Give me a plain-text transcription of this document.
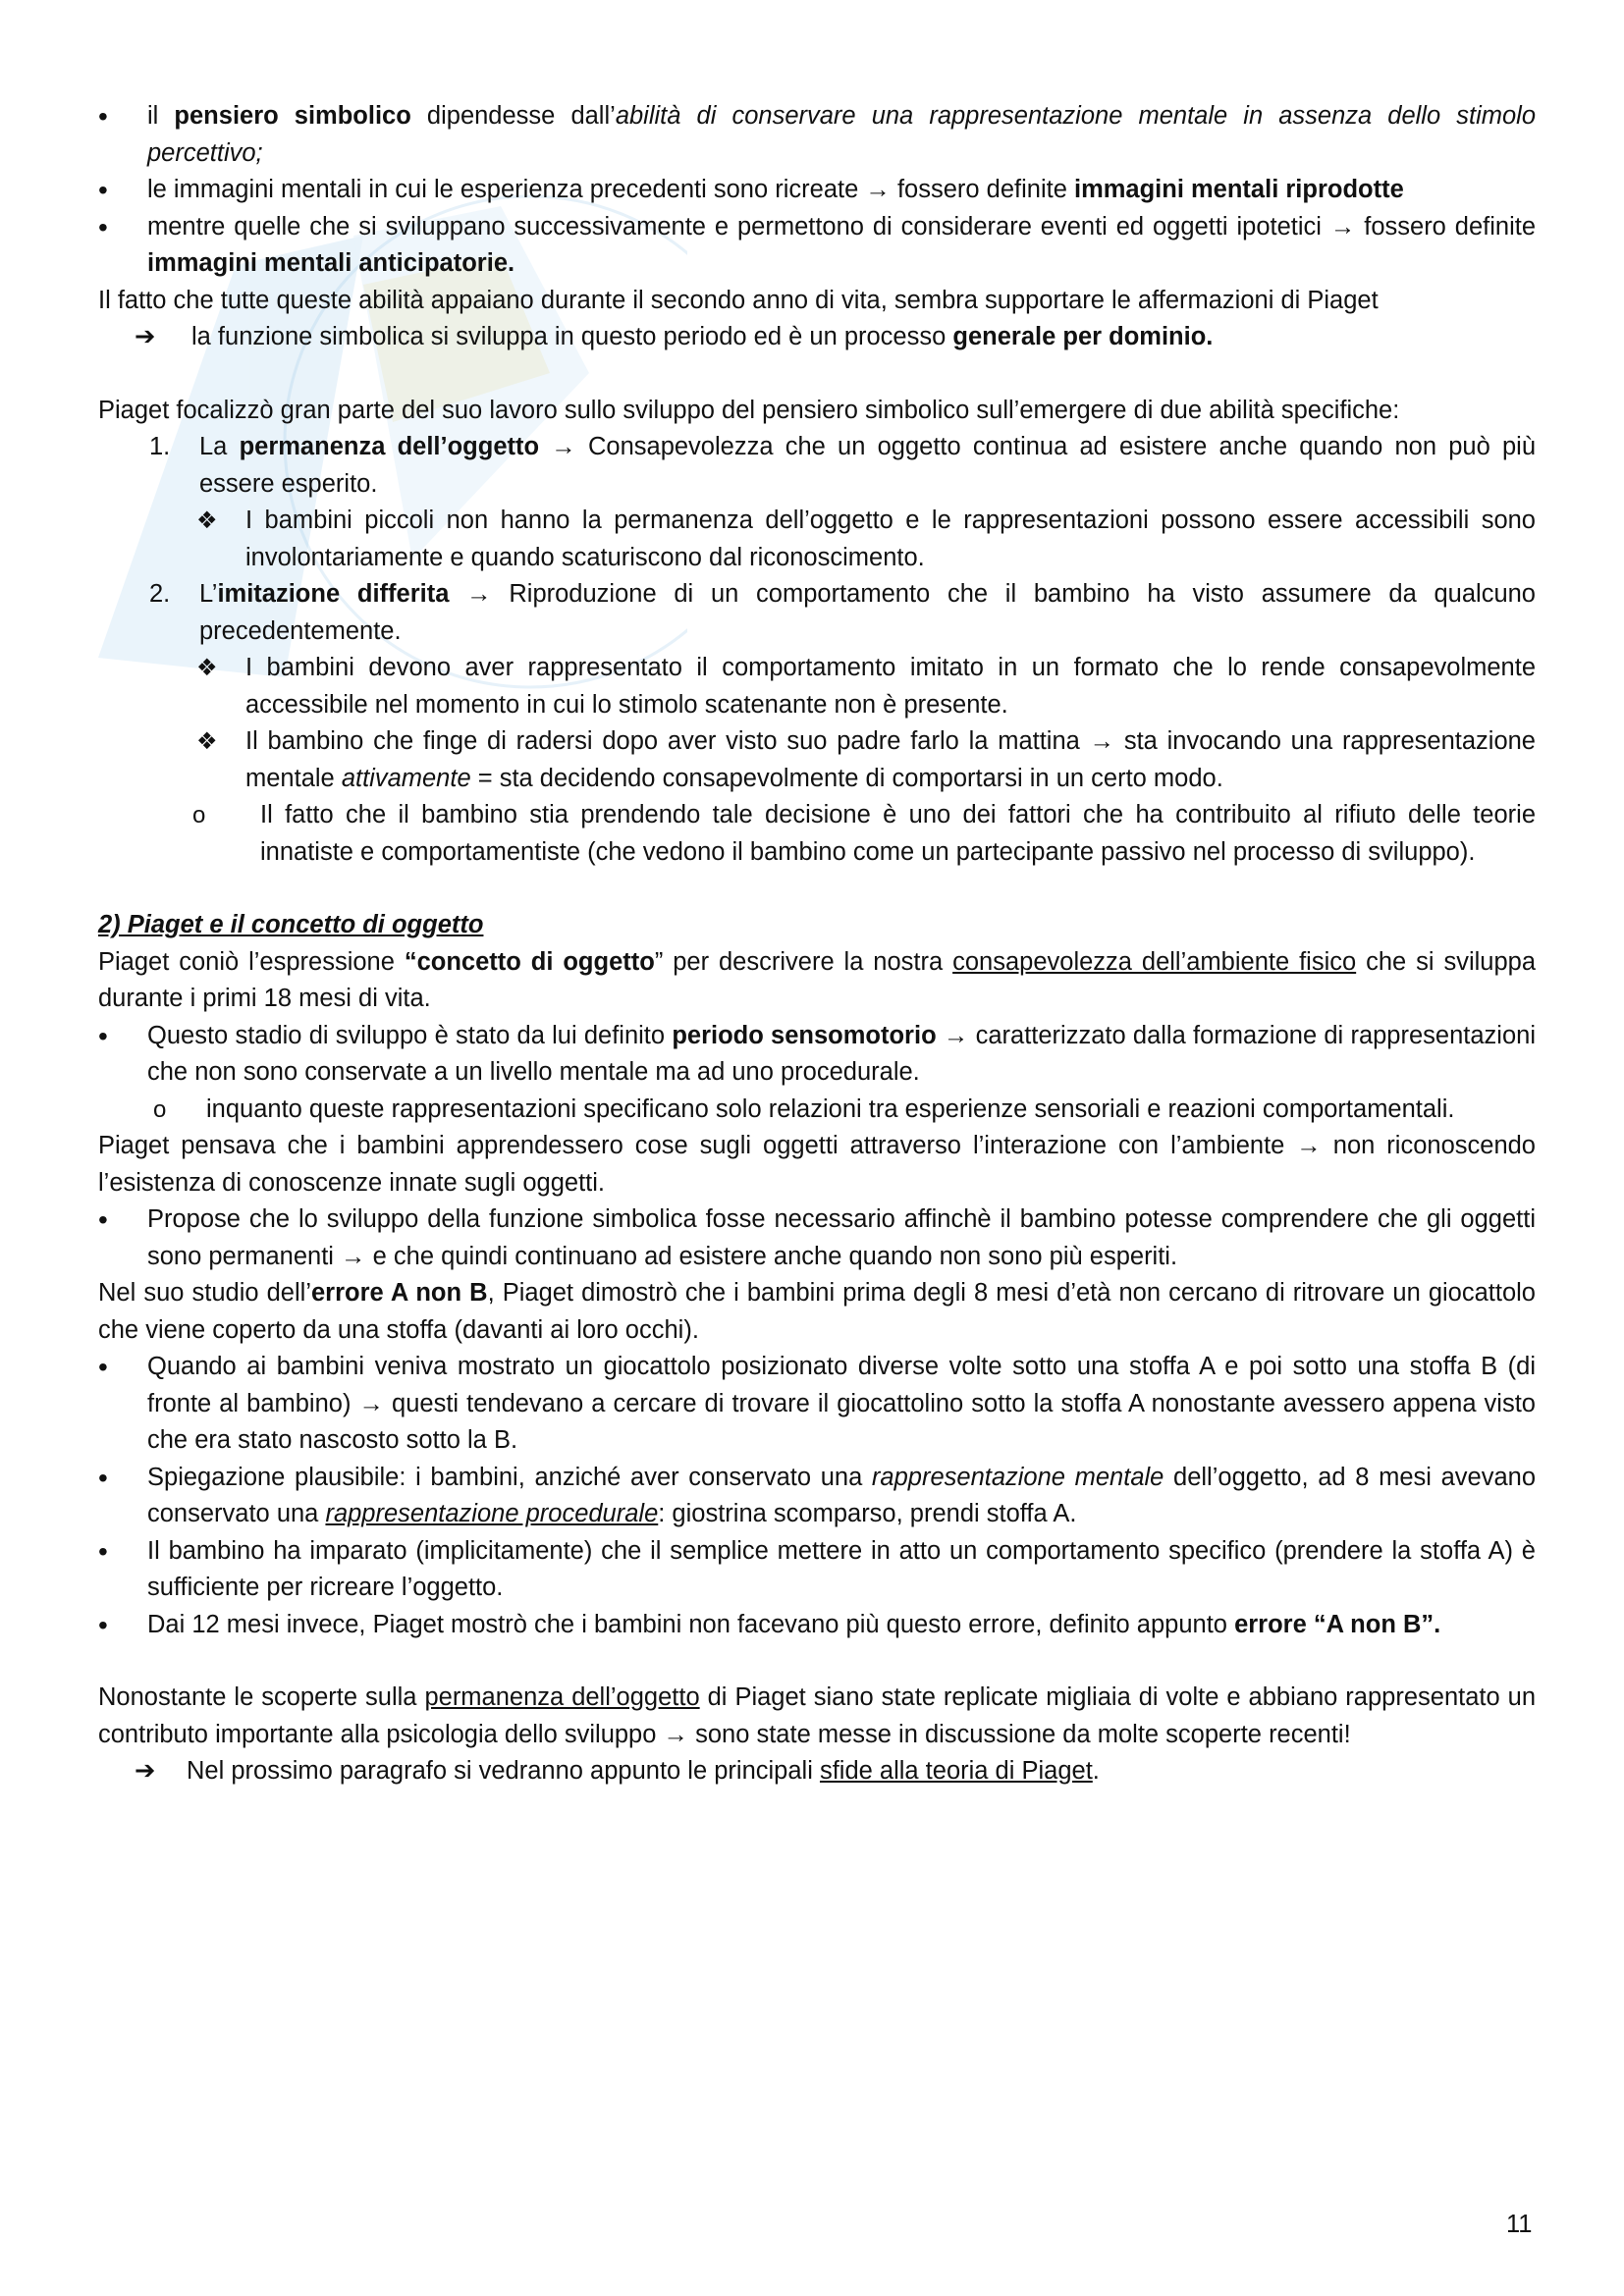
• il pensiero simbolico dipendesse dall’abilità di conservare una rappresentazione mentale in assenza dello stimolo percettivo;
• le immagini mentali in cui le esperienza precedenti sono ricreate → fossero definite immagini mentali riprodotte
• mentre quelle che si sviluppano successivamente e permettono di considerare eventi ed oggetti ipotetici → fossero definite immagini mentali anticipatorie.

Il fatto che tutte queste abilità appaiano durante il secondo anno di vita, sembra supportare le affermazioni di Piaget

➔ la funzione simbolica si sviluppa in questo periodo ed è un processo generale per dominio.

Piaget focalizzò gran parte del suo lavoro sullo sviluppo del pensiero simbolico sull’emergere di due abilità specifiche:

1. La permanenza dell’oggetto → Consapevolezza che un oggetto continua ad esistere anche quando non può più essere esperito.
❖ I bambini piccoli non hanno la permanenza dell’oggetto e le rappresentazioni possono essere accessibili sono involontariamente e quando scaturiscono dal riconoscimento.
2. L’imitazione differita → Riproduzione di un comportamento che il bambino ha visto assumere da qualcuno precedentemente.
❖ I bambini devono aver rappresentato il comportamento imitato in un formato che lo rende consapevolmente accessibile nel momento in cui lo stimolo scatenante non è presente.
❖ Il bambino che finge di radersi dopo aver visto suo padre farlo la mattina → sta invocando una rappresentazione mentale attivamente = sta decidendo consapevolmente di comportarsi in un certo modo.
o Il fatto che il bambino stia prendendo tale decisione è uno dei fattori che ha contribuito al rifiuto delle teorie innatiste e comportamentiste (che vedono il bambino come un partecipante passivo nel processo di sviluppo).

2) Piaget e il concetto di oggetto

Piaget coniò l’espressione “concetto di oggetto” per descrivere la nostra consapevolezza dell’ambiente fisico che si sviluppa durante i primi 18 mesi di vita.

• Questo stadio di sviluppo è stato da lui definito periodo sensomotorio → caratterizzato dalla formazione di rappresentazioni che non sono conservate a un livello mentale ma ad uno procedurale.
o inquanto queste rappresentazioni specificano solo relazioni tra esperienze sensoriali e reazioni comportamentali.

Piaget pensava che i bambini apprendessero cose sugli oggetti attraverso l’interazione con l’ambiente → non riconoscendo l’esistenza di conoscenze innate sugli oggetti.

• Propose che lo sviluppo della funzione simbolica fosse necessario affinchè il bambino potesse comprendere che gli oggetti sono permanenti → e che quindi continuano ad esistere anche quando non sono più esperiti.

Nel suo studio dell’errore A non B, Piaget dimostrò che i bambini prima degli 8 mesi d’età non cercano di ritrovare un giocattolo che viene coperto da una stoffa (davanti ai loro occhi).

• Quando ai bambini veniva mostrato un giocattolo posizionato diverse volte sotto una stoffa A e poi sotto una stoffa B (di fronte al bambino) → questi tendevano a cercare di trovare il giocattolino sotto la stoffa A nonostante avessero appena visto che era stato nascosto sotto la B.
• Spiegazione plausibile: i bambini, anziché aver conservato una rappresentazione mentale dell’oggetto, ad 8 mesi avevano conservato una rappresentazione procedurale: giostrina scomparso, prendi stoffa A.
• Il bambino ha imparato (implicitamente) che il semplice mettere in atto un comportamento specifico (prendere la stoffa A) è sufficiente per ricreare l’oggetto.
• Dai 12 mesi invece, Piaget mostrò che i bambini non facevano più questo errore, definito appunto errore “A non B”.

Nonostante le scoperte sulla permanenza dell’oggetto di Piaget siano state replicate migliaia di volte e abbiano rappresentato un contributo importante alla psicologia dello sviluppo → sono state messe in discussione da molte scoperte recenti!

➔ Nel prossimo paragrafo si vedranno appunto le principali sfide alla teoria di Piaget.
11
